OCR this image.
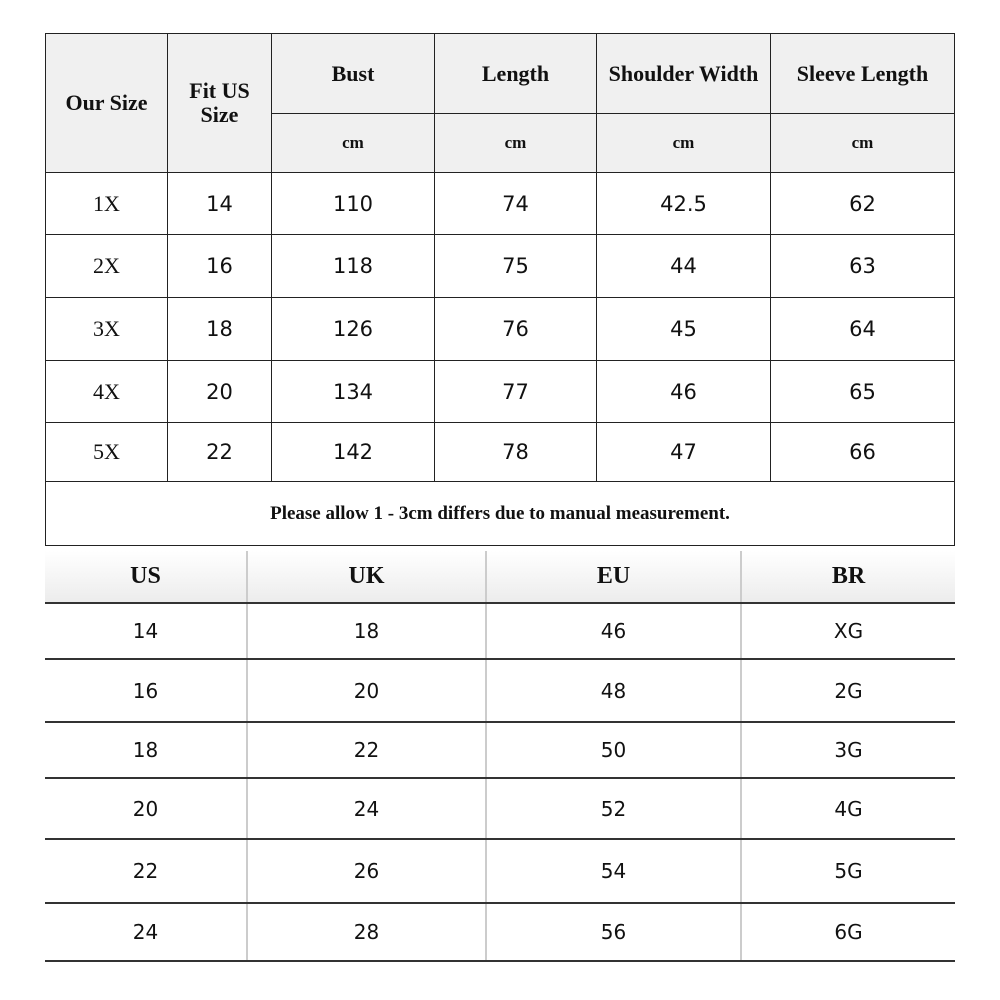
Our Size	Fit US Size	Bust	Length	Shoulder Width	Sleeve Length
		cm	cm	cm	cm
1X	14	110	74	42.5	62
2X	16	118	75	44	63
3X	18	126	76	45	64
4X	20	134	77	46	65
5X	22	142	78	47	66
Please allow 1 - 3cm differs due to manual measurement.					
US	UK	EU	BR
14	18	46	XG
16	20	48	2G
18	22	50	3G
20	24	52	4G
22	26	54	5G
24	28	56	6G
